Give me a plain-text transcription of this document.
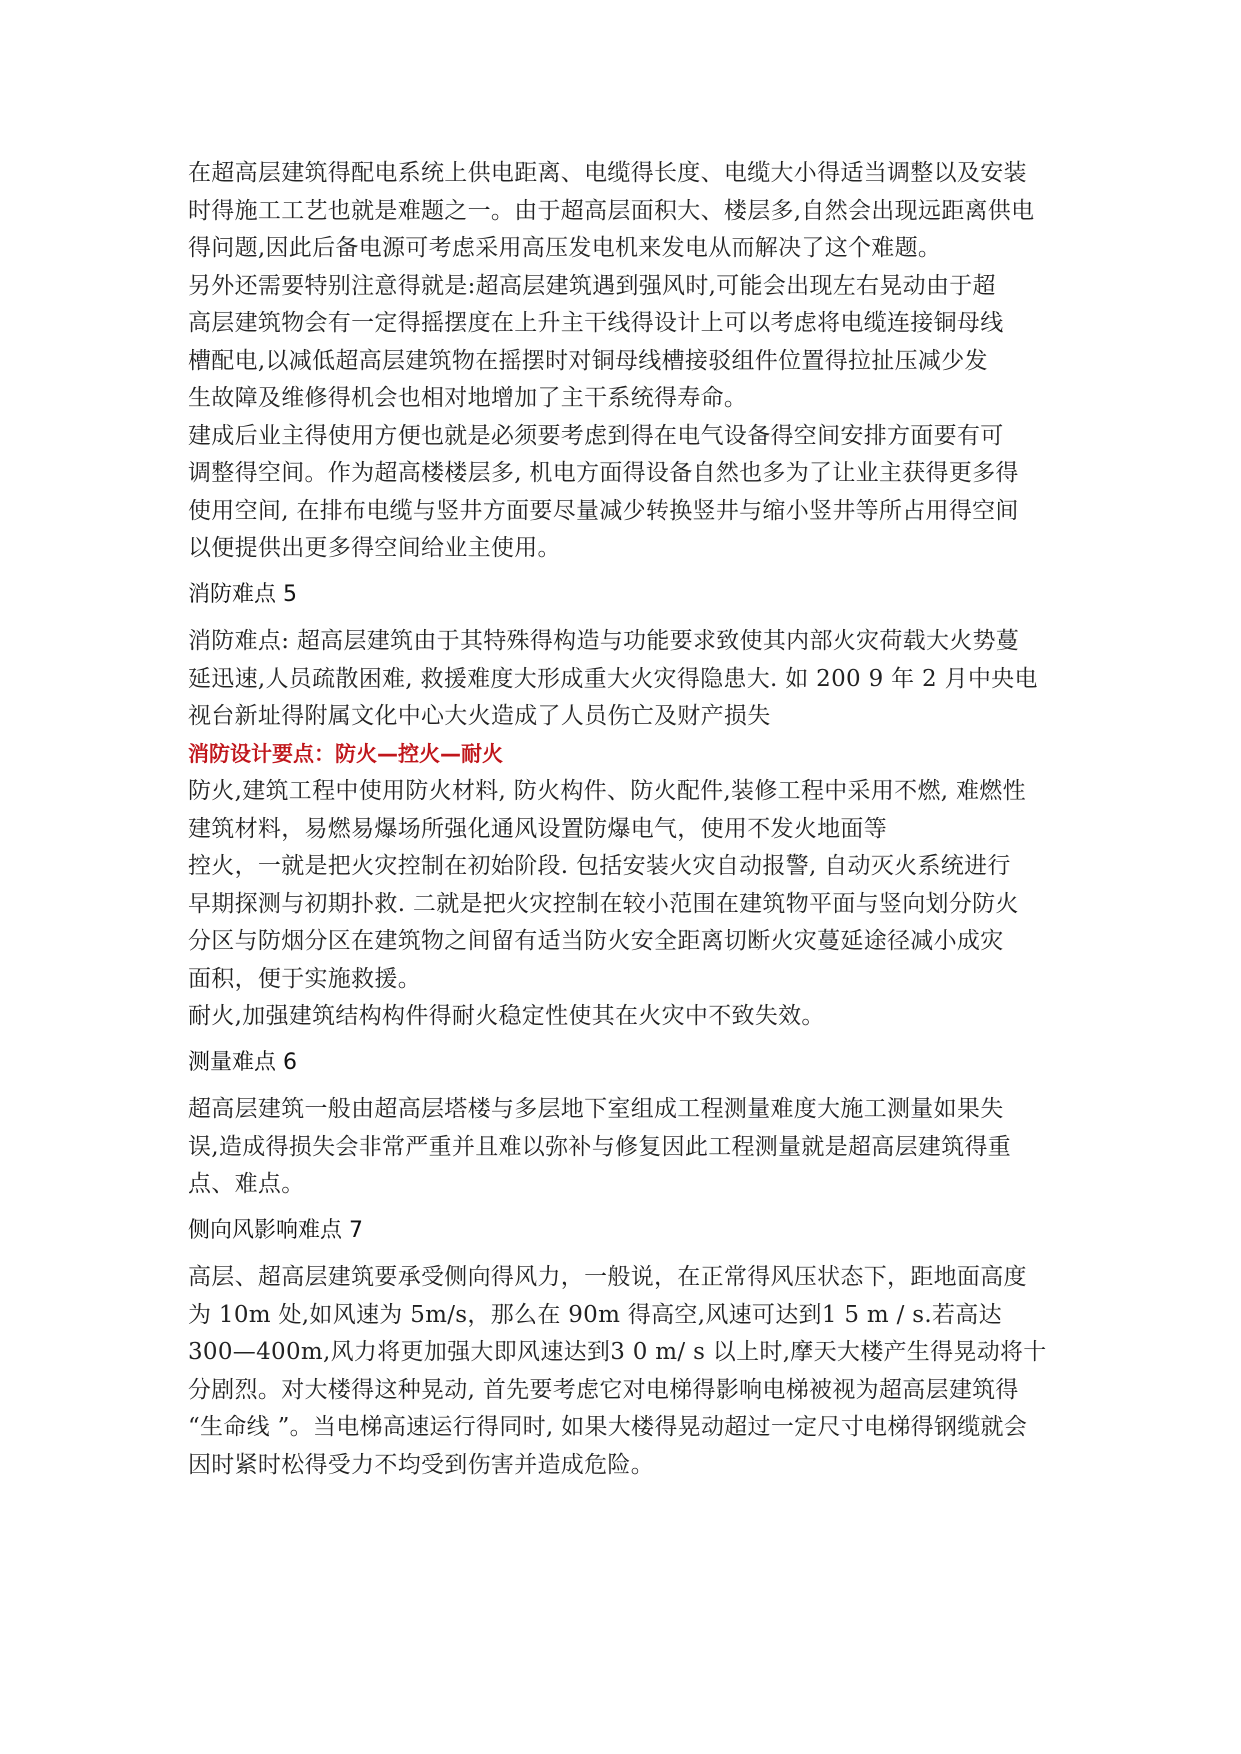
在超高层建筑得配电系统上供电距离、电缆得长度、电缆大小得适当调整以及安装
时得施工工艺也就是难题之一。由于超高层面积大、楼层多,自然会出现远距离供电
得问题,因此后备电源可考虑采用高压发电机来发电从而解决了这个难题。
另外还需要特别注意得就是:超高层建筑遇到强风时,可能会出现左右晃动由于超
高层建筑物会有一定得摇摆度在上升主干线得设计上可以考虑将电缆连接铜母线
槽配电,以减低超高层建筑物在摇摆时对铜母线槽接驳组件位置得拉扯压减少发
生故障及维修得机会也相对地增加了主干系统得寿命。
建成后业主得使用方便也就是必须要考虑到得在电气设备得空间安排方面要有可
调整得空间。作为超高楼楼层多, 机电方面得设备自然也多为了让业主获得更多得
使用空间, 在排布电缆与竖井方面要尽量减少转换竖井与缩小竖井等所占用得空间
以便提供出更多得空间给业主使用。
消防难点 5
消防难点: 超高层建筑由于其特殊得构造与功能要求致使其内部火灾荷载大火势蔓
延迅速,人员疏散困难, 救援难度大形成重大火灾得隐患大. 如 200 9 年 2 月中央电
视台新址得附属文化中心大火造成了人员伤亡及财产损失
消防设计要点：防火—控火—耐火
防火,建筑工程中使用防火材料, 防火构件、防火配件,装修工程中采用不燃, 难燃性
建筑材料，易燃易爆场所强化通风设置防爆电气，使用不发火地面等
控火，一就是把火灾控制在初始阶段. 包括安装火灾自动报警, 自动灭火系统进行
早期探测与初期扑救. 二就是把火灾控制在较小范围在建筑物平面与竖向划分防火
分区与防烟分区在建筑物之间留有适当防火安全距离切断火灾蔓延途径减小成灾
面积，便于实施救援。
耐火,加强建筑结构构件得耐火稳定性使其在火灾中不致失效。
测量难点 6
超高层建筑一般由超高层塔楼与多层地下室组成工程测量难度大施工测量如果失
误,造成得损失会非常严重并且难以弥补与修复因此工程测量就是超高层建筑得重
点、难点。
侧向风影响难点 7
高层、超高层建筑要承受侧向得风力，一般说，在正常得风压状态下，距地面高度
为 10m 处,如风速为 5m/s，那么在 90m 得高空,风速可达到1 5 m / s.若高达
300—400m,风力将更加强大即风速达到3 0 m/ s 以上时,摩天大楼产生得晃动将十
分剧烈。对大楼得这种晃动, 首先要考虑它对电梯得影响电梯被视为超高层建筑得
“生命线 ”。当电梯高速运行得同时, 如果大楼得晃动超过一定尺寸电梯得钢缆就会
因时紧时松得受力不均受到伤害并造成危险。
